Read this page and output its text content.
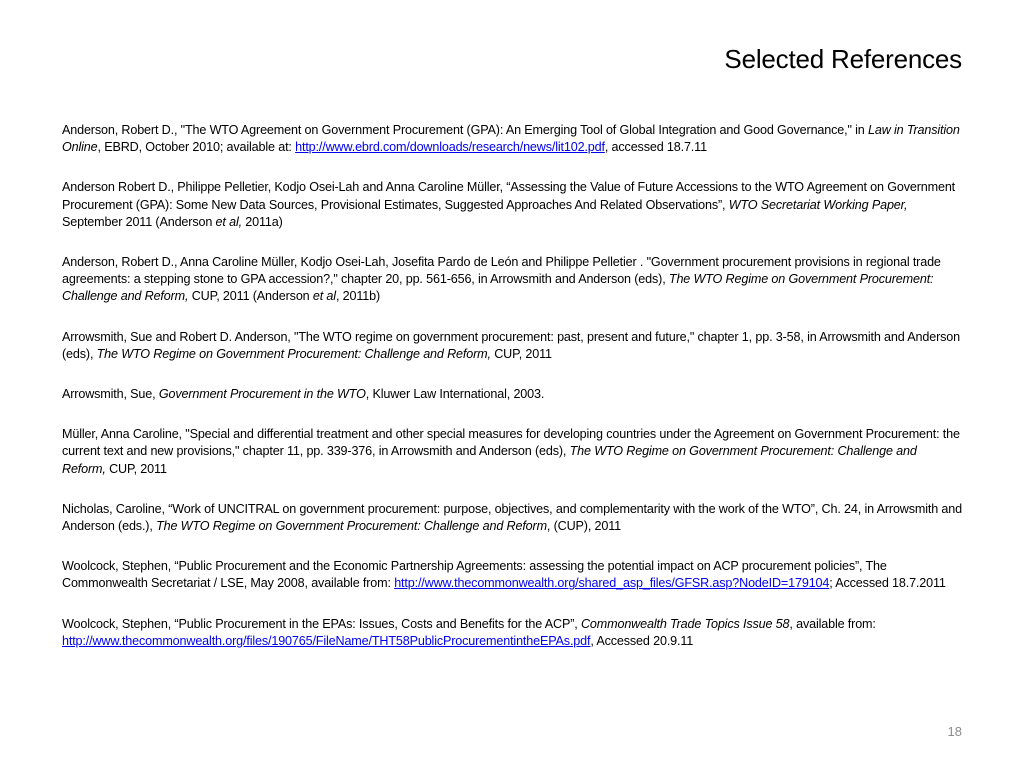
Selected References
Anderson, Robert D., "The WTO Agreement on Government Procurement (GPA): An Emerging Tool of Global Integration and Good Governance," in Law in Transition Online, EBRD, October 2010; available at: http://www.ebrd.com/downloads/research/news/lit102.pdf, accessed 18.7.11
Anderson Robert D., Philippe Pelletier, Kodjo Osei-Lah and Anna Caroline Müller, “Assessing the Value of Future Accessions to the WTO Agreement on Government Procurement (GPA): Some New Data Sources, Provisional Estimates, Suggested Approaches And Related Observations”, WTO Secretariat Working Paper, September 2011 (Anderson et al, 2011a)
Anderson, Robert D., Anna Caroline Müller, Kodjo Osei-Lah, Josefita Pardo de León and Philippe Pelletier . "Government procurement provisions in regional trade agreements: a stepping stone to GPA accession?," chapter 20, pp. 561-656, in Arrowsmith and Anderson (eds), The WTO Regime on Government Procurement: Challenge and Reform, CUP, 2011 (Anderson et al, 2011b)
Arrowsmith, Sue and Robert D. Anderson, "The WTO regime on government procurement: past, present and future," chapter 1, pp. 3-58, in Arrowsmith and Anderson (eds), The WTO Regime on Government Procurement: Challenge and Reform, CUP, 2011
Arrowsmith, Sue, Government Procurement in the WTO, Kluwer Law International, 2003.
Müller, Anna Caroline, "Special and differential treatment and other special measures for developing countries under the Agreement on Government Procurement: the current text and new provisions," chapter 11, pp. 339-376, in Arrowsmith and Anderson (eds), The WTO Regime on Government Procurement: Challenge and Reform, CUP, 2011
Nicholas, Caroline, “Work of UNCITRAL on government procurement: purpose, objectives, and complementarity with the work of the WTO”, Ch. 24, in Arrowsmith and Anderson (eds.), The WTO Regime on Government Procurement: Challenge and Reform, (CUP), 2011
Woolcock, Stephen, “Public Procurement and the Economic Partnership Agreements: assessing the potential impact on ACP procurement policies”, The Commonwealth Secretariat / LSE, May 2008, available from: http://www.thecommonwealth.org/shared_asp_files/GFSR.asp?NodeID=179104; Accessed 18.7.2011
Woolcock, Stephen, “Public Procurement in the EPAs: Issues, Costs and Benefits for the ACP”, Commonwealth Trade Topics Issue 58, available from: http://www.thecommonwealth.org/files/190765/FileName/THT58PublicProcurementintheEPAs.pdf, Accessed 20.9.11
18
